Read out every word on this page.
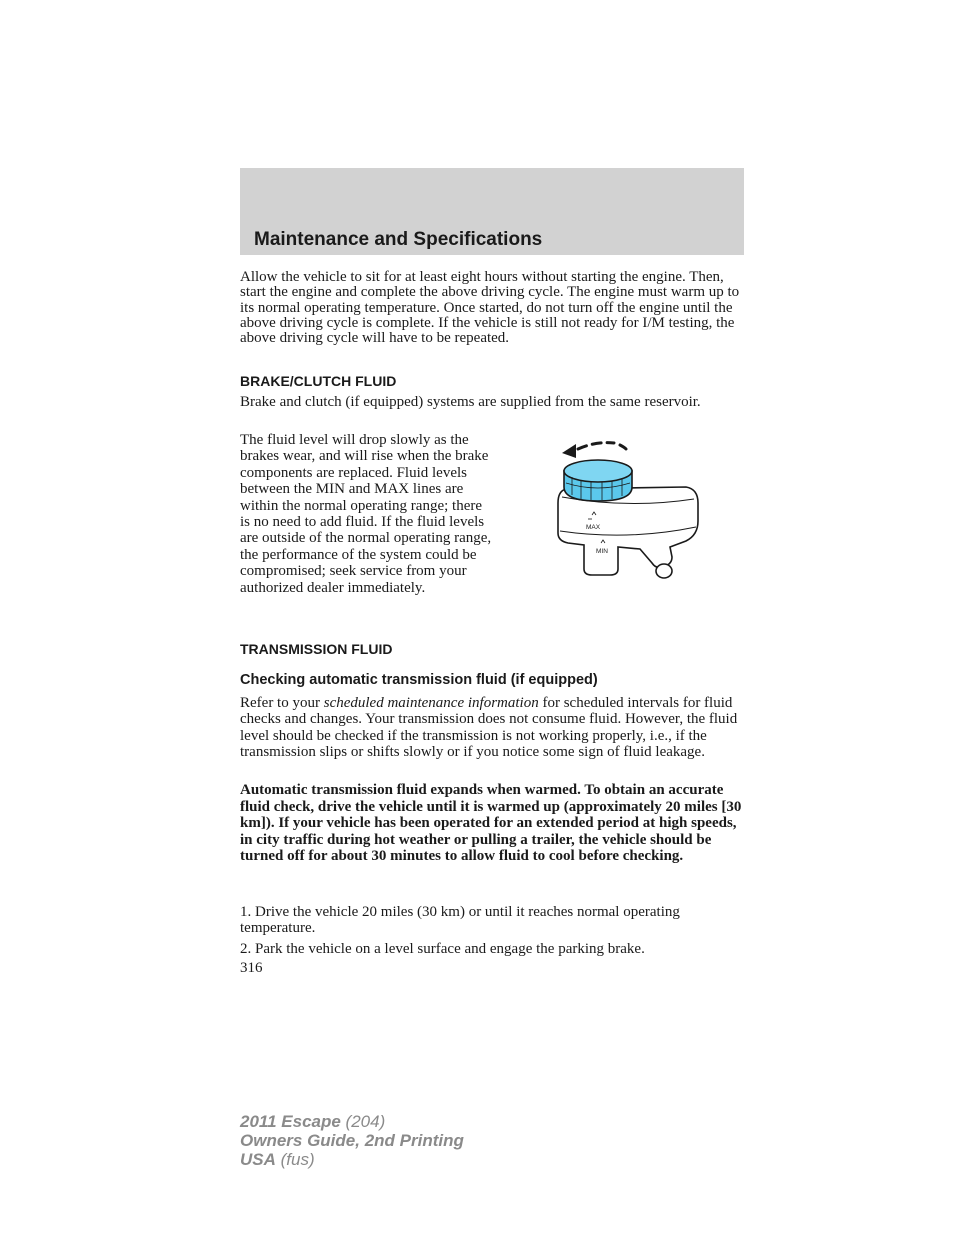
Maintenance and Specifications

Allow the vehicle to sit for at least eight hours without starting the engine. Then, start the engine and complete the above driving cycle. The engine must warm up to its normal operating temperature. Once started, do not turn off the engine until the above driving cycle is complete. If the vehicle is still not ready for I/M testing, the above driving cycle will have to be repeated.

BRAKE/CLUTCH FLUID

Brake and clutch (if equipped) systems are supplied from the same reservoir.

The fluid level will drop slowly as the brakes wear, and will rise when the brake components are replaced. Fluid levels between the MIN and MAX lines are within the normal operating range; there is no need to add fluid. If the fluid levels are outside of the normal operating range, the performance of the system could be compromised; seek service from your authorized dealer immediately.

MAX
MIN
TRANSMISSION FLUID
Checking automatic transmission fluid (if equipped)

Refer to your scheduled maintenance information for scheduled intervals for fluid checks and changes. Your transmission does not consume fluid. However, the fluid level should be checked if the transmission is not working properly, i.e., if the transmission slips or shifts slowly or if you notice some sign of fluid leakage.

Automatic transmission fluid expands when warmed. To obtain an accurate fluid check, drive the vehicle until it is warmed up (approximately 20 miles [30 km]). If your vehicle has been operated for an extended period at high speeds, in city traffic during hot weather or pulling a trailer, the vehicle should be turned off for about 30 minutes to allow fluid to cool before checking.

1. Drive the vehicle 20 miles (30 km) or until it reaches normal operating temperature.

2. Park the vehicle on a level surface and engage the parking brake.

316

2011 Escape (204)
Owners Guide, 2nd Printing
USA (fus)
